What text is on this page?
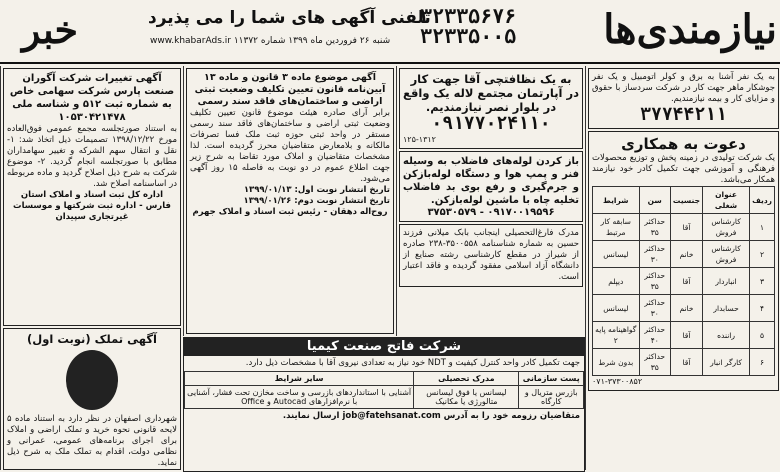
خبر	تلفنی آگهی های شما را می پذیرد
شنبه ۲۶ فروردین ماه ۱۳۹۹ شماره ۱۱۳۷۲ www.khabarAds.ir
۳۲۳۳۵۶۷۶
۳۲۳۳۵۰۰۵	نیازمندی‌ها
به یک نفر آشنا به برق و کولر اتومبیل و یک نفر جوشکار ماهر جهت کار در شرکت سردساز با حقوق و مزایای کار و بیمه نیازمندیم.
۳۷۷۴۴۲۱۱
دعوت به همکاری
یک شرکت تولیدی در زمینه پخش و توزیع محصولات فرهنگی و آموزشی جهت تکمیل کادر خود نیازمند همکار می‌باشد.
ردیف	عنوان شغلی	جنسیت	سن	شرایط
۱	کارشناس فروش	آقا	حداکثر ۳۵	سابقه کار مرتبط
۲	کارشناس فروش	خانم	حداکثر ۳۰	لیسانس
۳	انباردار	آقا	حداکثر ۳۵	دیپلم
۴	حسابدار	خانم	حداکثر ۳۰	لیسانس
۵	راننده	آقا	حداکثر ۴۰	گواهینامه پایه ۲
۶	کارگر انبار	آقا	حداکثر ۳۵	بدون شرط
۰۷۱-۳۷۳۰۰۸۵۲
به یک نظافتچی آقا جهت کار در آپارتمان مجتمع لاله یک واقع در بلوار نصر نیازمندیم.
۰۹۱۷۷۰۲۴۱۱۰
۱۲۵-۱۳۱۲
باز کردن لوله‌های فاضلاب به وسیله فنر و پمپ هوا و دستگاه لوله‌بازکن و جرم‌گیری و رفع بوی بد فاضلاب تخلیه چاه با ماشین لوله‌بازکن.
۰۹۱۷۰۰۱۹۵۹۶ - ۳۷۵۳۰۵۷۹
مدرک فارغ‌التحصیلی اینجانب بابک میلانی فرزند حسین به شماره شناسنامه ۳۵۰۰۵۵۸-۲۳۸ صادره از شیراز در مقطع کارشناسی رشته صنایع از دانشگاه آزاد اسلامی مفقود گردیده و فاقد اعتبار است.
آگهی موضوع ماده ۳ قانون و ماده ۱۳ آیین‌نامه قانون تعیین تکلیف وضعیت ثبتی اراضی و ساختمان‌های فاقد سند رسمی
برابر آرای صادره هیئت موضوع قانون تعیین تکلیف وضعیت ثبتی اراضی و ساختمان‌های فاقد سند رسمی مستقر در واحد ثبتی حوزه ثبت ملک فسا تصرفات مالکانه و بلامعارض متقاضیان محرز گردیده است. لذا مشخصات متقاضیان و املاک مورد تقاضا به شرح زیر جهت اطلاع عموم در دو نوبت به فاصله ۱۵ روز آگهی می‌شود.
تاریخ انتشار نوبت اول: ۱۳۹۹/۰۱/۱۳
تاریخ انتشار نوبت دوم: ۱۳۹۹/۰۱/۲۶
روح‌اله دهقان - رئیس ثبت اسناد و املاک جهرم
آگهی تغییرات شرکت آگوران صنعت پارس شرکت سهامی خاص به شماره ثبت ۵۱۲ و شناسه ملی ۱۰۵۳۰۴۲۱۴۷۸
به استناد صورتجلسه مجمع عمومی فوق‌العاده مورخ ۱۳۹۸/۱۲/۲۲ تصمیمات ذیل اتخاذ شد: ۱- نقل و انتقال سهم الشرکه و تغییر سهامداران مطابق با صورتجلسه انجام گردید. ۲- موضوع شرکت به شرح ذیل اصلاح گردید و ماده مربوطه در اساسنامه اصلاح شد.
اداره کل ثبت اسناد و املاک استان فارس - اداره ثبت شرکتها و موسسات غیرتجاری سپیدان
آگهی تملک (نوبت اول)
شهرداری اصفهان در نظر دارد به استناد ماده ۵ لایحه قانونی نحوه خرید و تملک اراضی و املاک برای اجرای برنامه‌های عمومی، عمرانی و نظامی دولت، اقدام به تملک ملک به شرح ذیل نماید.
شرکت فاتح صنعت کیمیا
جهت تکمیل کادر واحد کنترل کیفیت و NDT خود نیاز به تعدادی نیروی آقا با مشخصات ذیل دارد.
پست سازمانی	مدرک تحصیلی	سایر شرایط
بازرس متریال و کارگاه	لیسانس یا فوق لیسانس متالورژی یا مکانیک	آشنایی با استانداردهای بازرسی و ساخت مخازن تحت فشار، آشنایی با نرم‌افزارهای Autocad و Office
متقاضیان رزومه خود را به آدرس job@fatehsanat.com ارسال نمایند.
